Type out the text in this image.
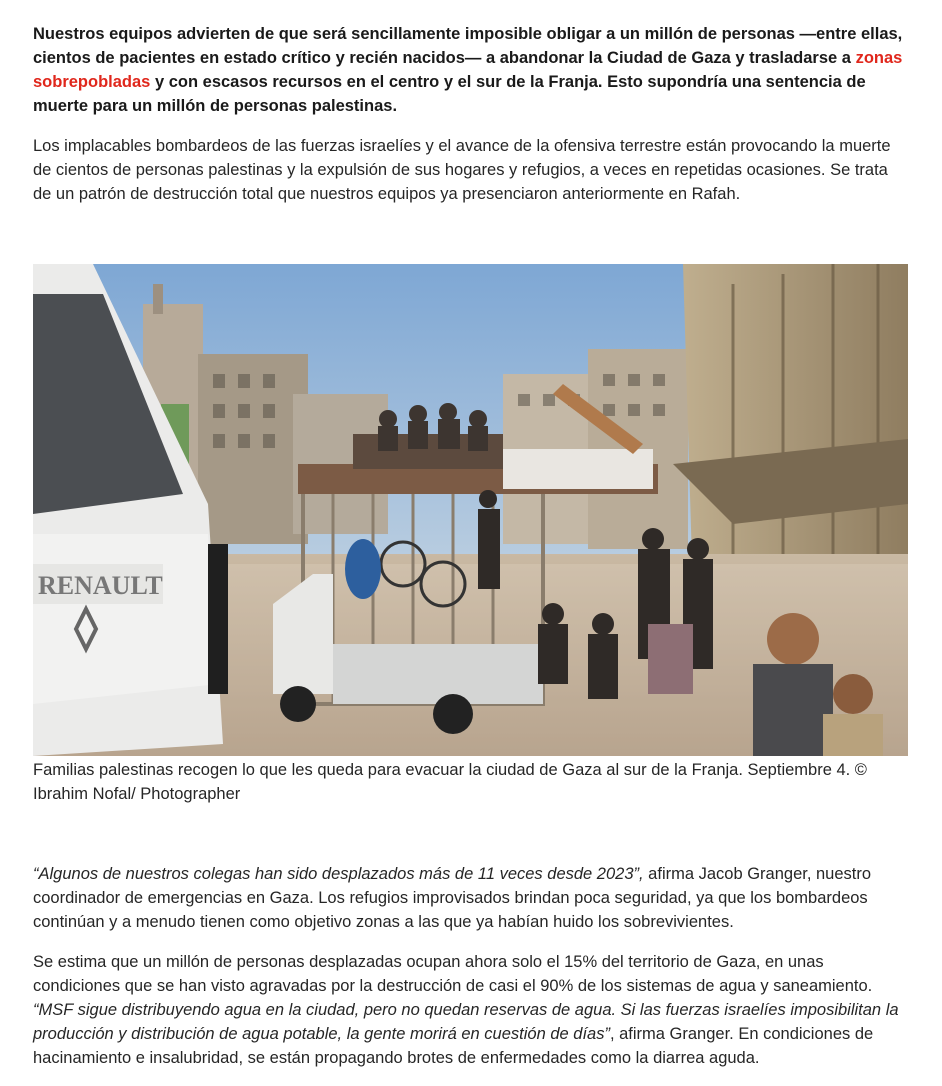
Nuestros equipos advierten de que será sencillamente imposible obligar a un millón de personas —entre ellas, cientos de pacientes en estado crítico y recién nacidos— a abandonar la Ciudad de Gaza y trasladarse a zonas sobrepobladas y con escasos recursos en el centro y el sur de la Franja. Esto supondría una sentencia de muerte para un millón de personas palestinas.

Los implacables bombardeos de las fuerzas israelíes y el avance de la ofensiva terrestre están provocando la muerte de cientos de personas palestinas y la expulsión de sus hogares y refugios, a veces en repetidas ocasiones. Se trata de un patrón de destrucción total que nuestros equipos ya presenciaron anteriormente en Rafah.

RENAULT
Familias palestinas recogen lo que les queda para evacuar la ciudad de Gaza al sur de la Franja. Septiembre 4. © Ibrahim Nofal/ Photographer

“Algunos de nuestros colegas han sido desplazados más de 11 veces desde 2023”, afirma Jacob Granger, nuestro coordinador de emergencias en Gaza. Los refugios improvisados brindan poca seguridad, ya que los bombardeos continúan y a menudo tienen como objetivo zonas a las que ya habían huido los sobrevivientes.

Se estima que un millón de personas desplazadas ocupan ahora solo el 15% del territorio de Gaza, en unas condiciones que se han visto agravadas por la destrucción de casi el 90% de los sistemas de agua y saneamiento. “MSF sigue distribuyendo agua en la ciudad, pero no quedan reservas de agua. Si las fuerzas israelíes imposibilitan la producción y distribución de agua potable, la gente morirá en cuestión de días”, afirma Granger. En condiciones de hacinamiento e insalubridad, se están propagando brotes de enfermedades como la diarrea aguda.
